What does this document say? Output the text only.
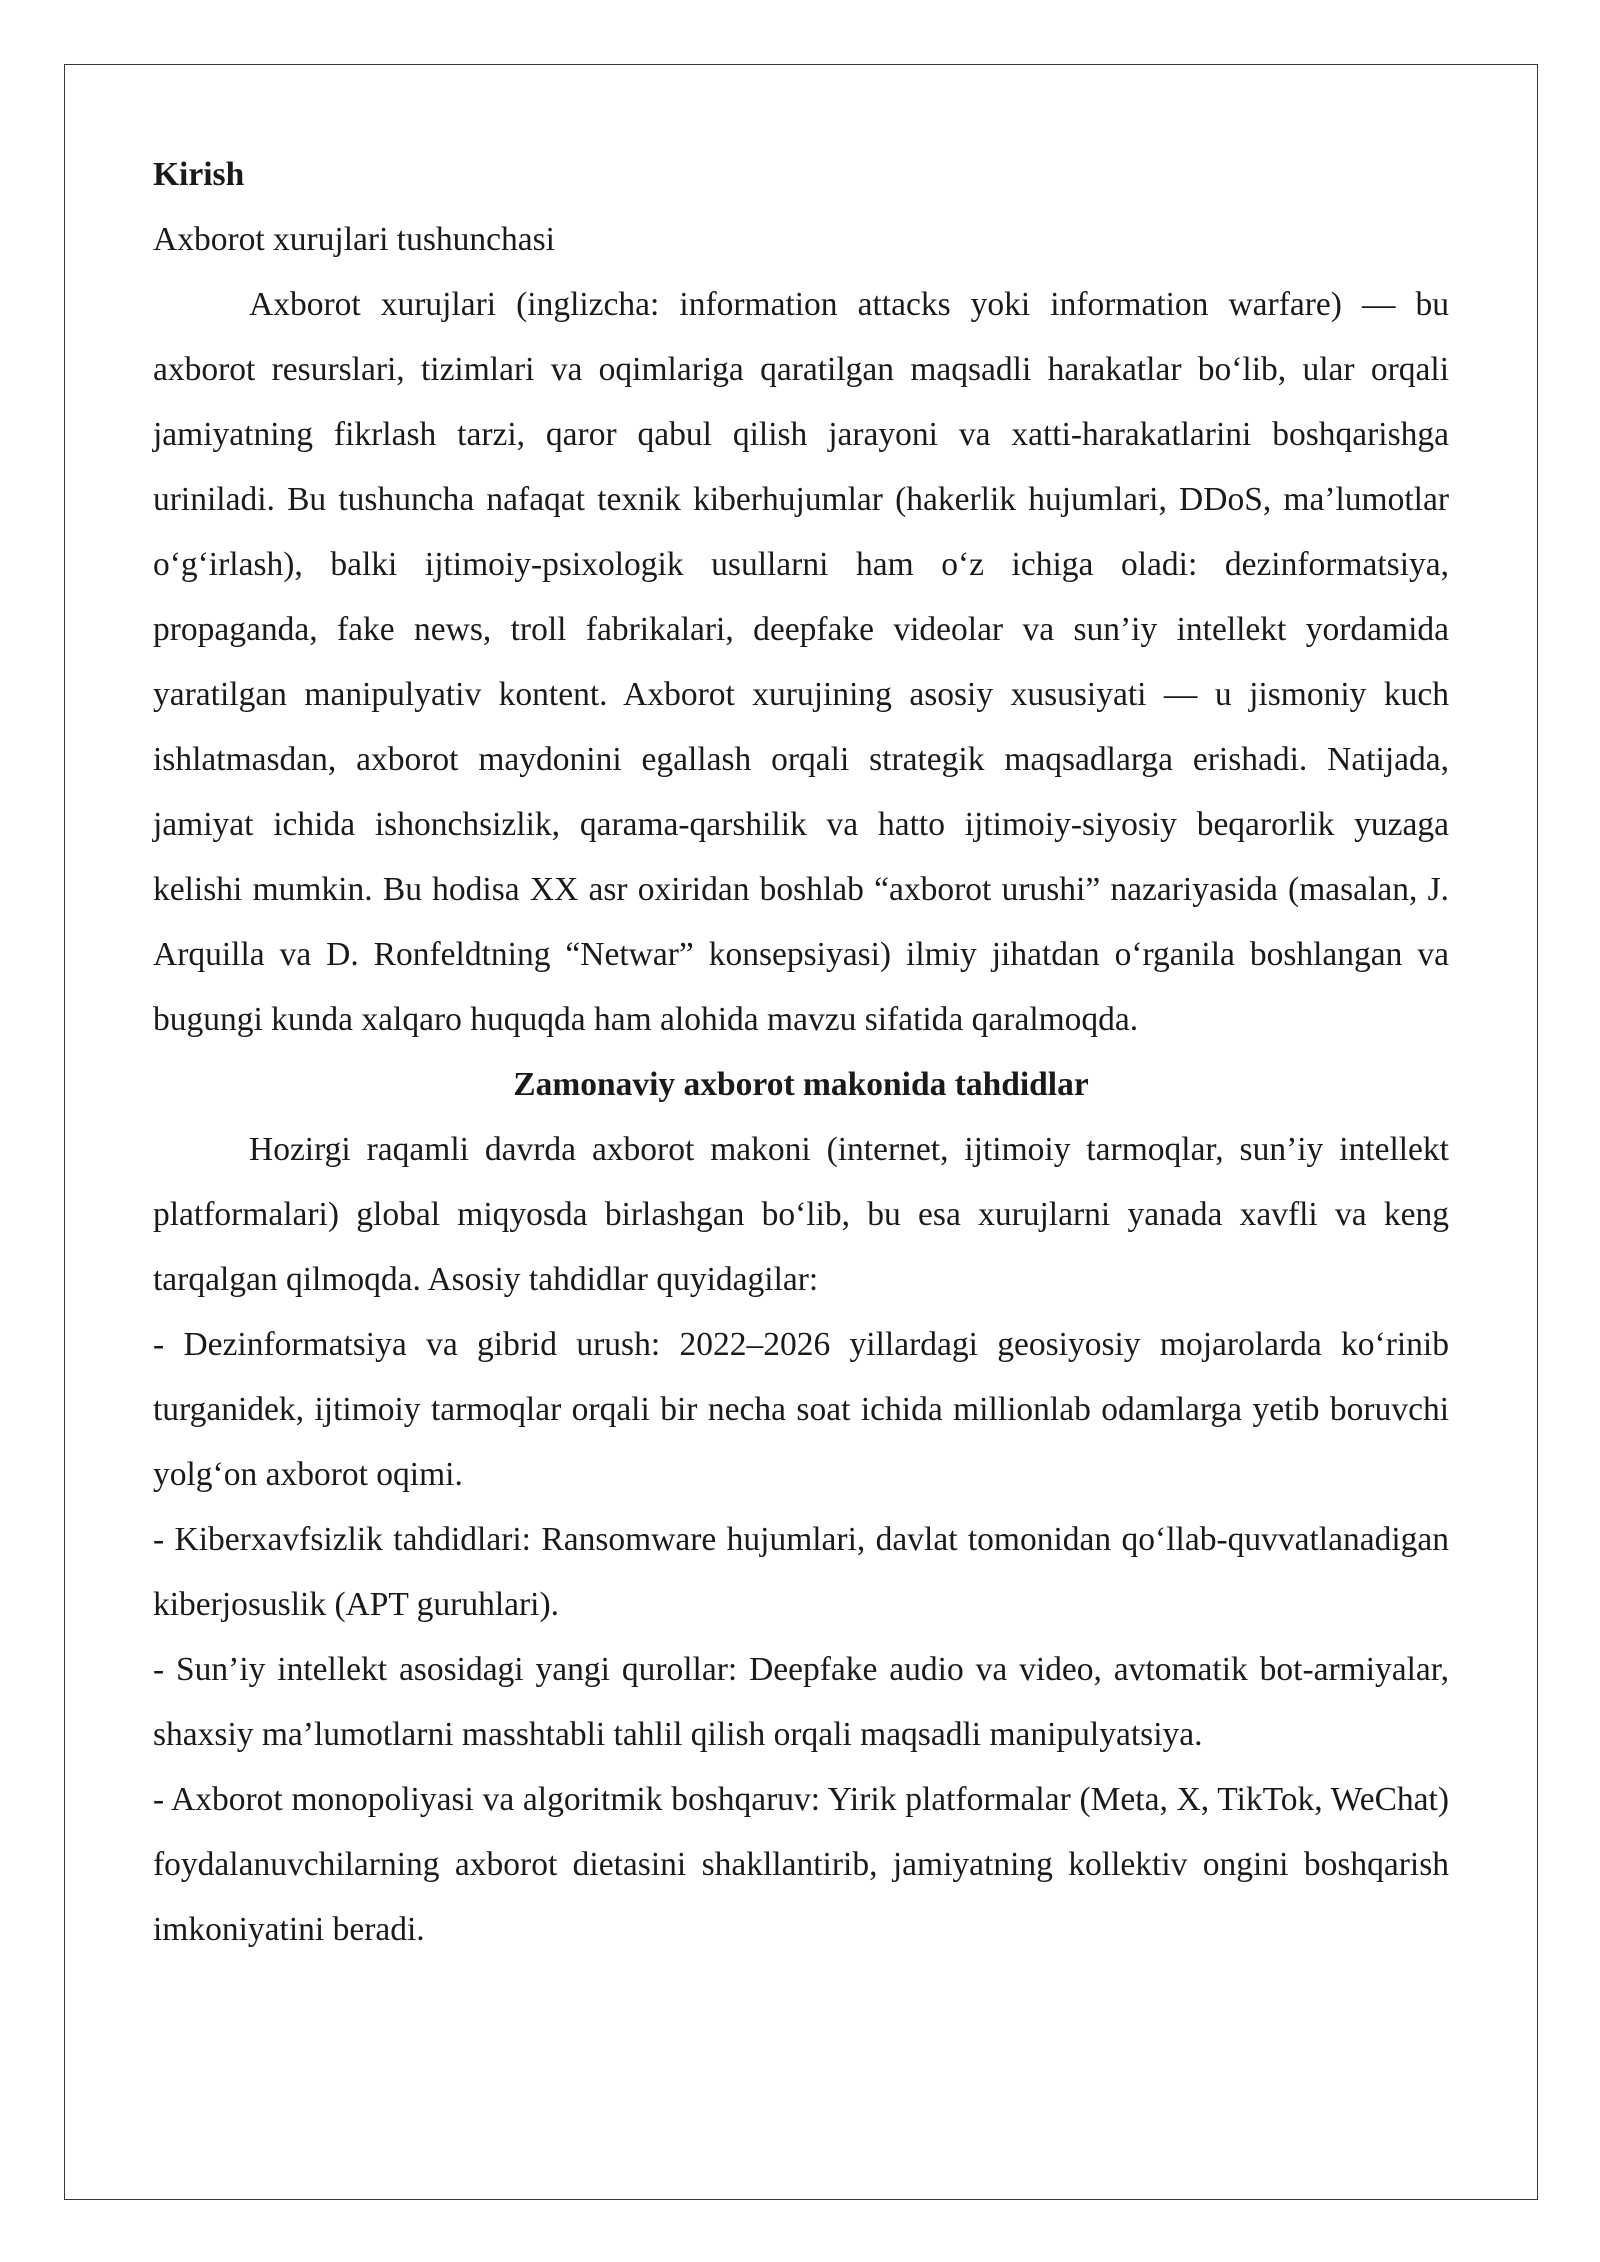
Kirish

Axborot xurujlari tushunchasi

Axborot xurujlari (inglizcha: information attacks yoki information warfare) — bu axborot resurslari, tizimlari va oqimlariga qaratilgan maqsadli harakatlar bo‘lib, ular orqali jamiyatning fikrlash tarzi, qaror qabul qilish jarayoni va xatti-harakatlarini boshqarishga uriniladi. Bu tushuncha nafaqat texnik kiberhujumlar (hakerlik hujumlari, DDoS, ma’lumotlar o‘g‘irlash), balki ijtimoiy-psixologik usullarni ham o‘z ichiga oladi: dezinformatsiya, propaganda, fake news, troll fabrikalari, deepfake videolar va sun’iy intellekt yordamida yaratilgan manipulyativ kontent. Axborot xurujining asosiy xususiyati — u jismoniy kuch ishlatmasdan, axborot maydonini egallash orqali strategik maqsadlarga erishadi. Natijada, jamiyat ichida ishonchsizlik, qarama-qarshilik va hatto ijtimoiy-siyosiy beqarorlik yuzaga kelishi mumkin. Bu hodisa XX asr oxiridan boshlab “axborot urushi” nazariyasida (masalan, J. Arquilla va D. Ronfeldtning “Netwar” konsepsiyasi) ilmiy jihatdan o‘rganila boshlangan va bugungi kunda xalqaro huquqda ham alohida mavzu sifatida qaralmoqda.

Zamonaviy axborot makonida tahdidlar

Hozirgi raqamli davrda axborot makoni (internet, ijtimoiy tarmoqlar, sun’iy intellekt platformalari) global miqyosda birlashgan bo‘lib, bu esa xurujlarni yanada xavfli va keng tarqalgan qilmoqda. Asosiy tahdidlar quyidagilar:

- Dezinformatsiya va gibrid urush: 2022–2026 yillardagi geosiyosiy mojarolarda ko‘rinib turganidek, ijtimoiy tarmoqlar orqali bir necha soat ichida millionlab odamlarga yetib boruvchi yolg‘on axborot oqimi.

- Kiberxavfsizlik tahdidlari: Ransomware hujumlari, davlat tomonidan qo‘llab-quvvatlanadigan kiberjosuslik (APT guruhlari).

- Sun’iy intellekt asosidagi yangi qurollar: Deepfake audio va video, avtomatik bot-armiyalar, shaxsiy ma’lumotlarni masshtabli tahlil qilish orqali maqsadli manipulyatsiya.

- Axborot monopoliyasi va algoritmik boshqaruv: Yirik platformalar (Meta, X, TikTok, WeChat) foydalanuvchilarning axborot dietasini shakllantirib, jamiyatning kollektiv ongini boshqarish imkoniyatini beradi.
